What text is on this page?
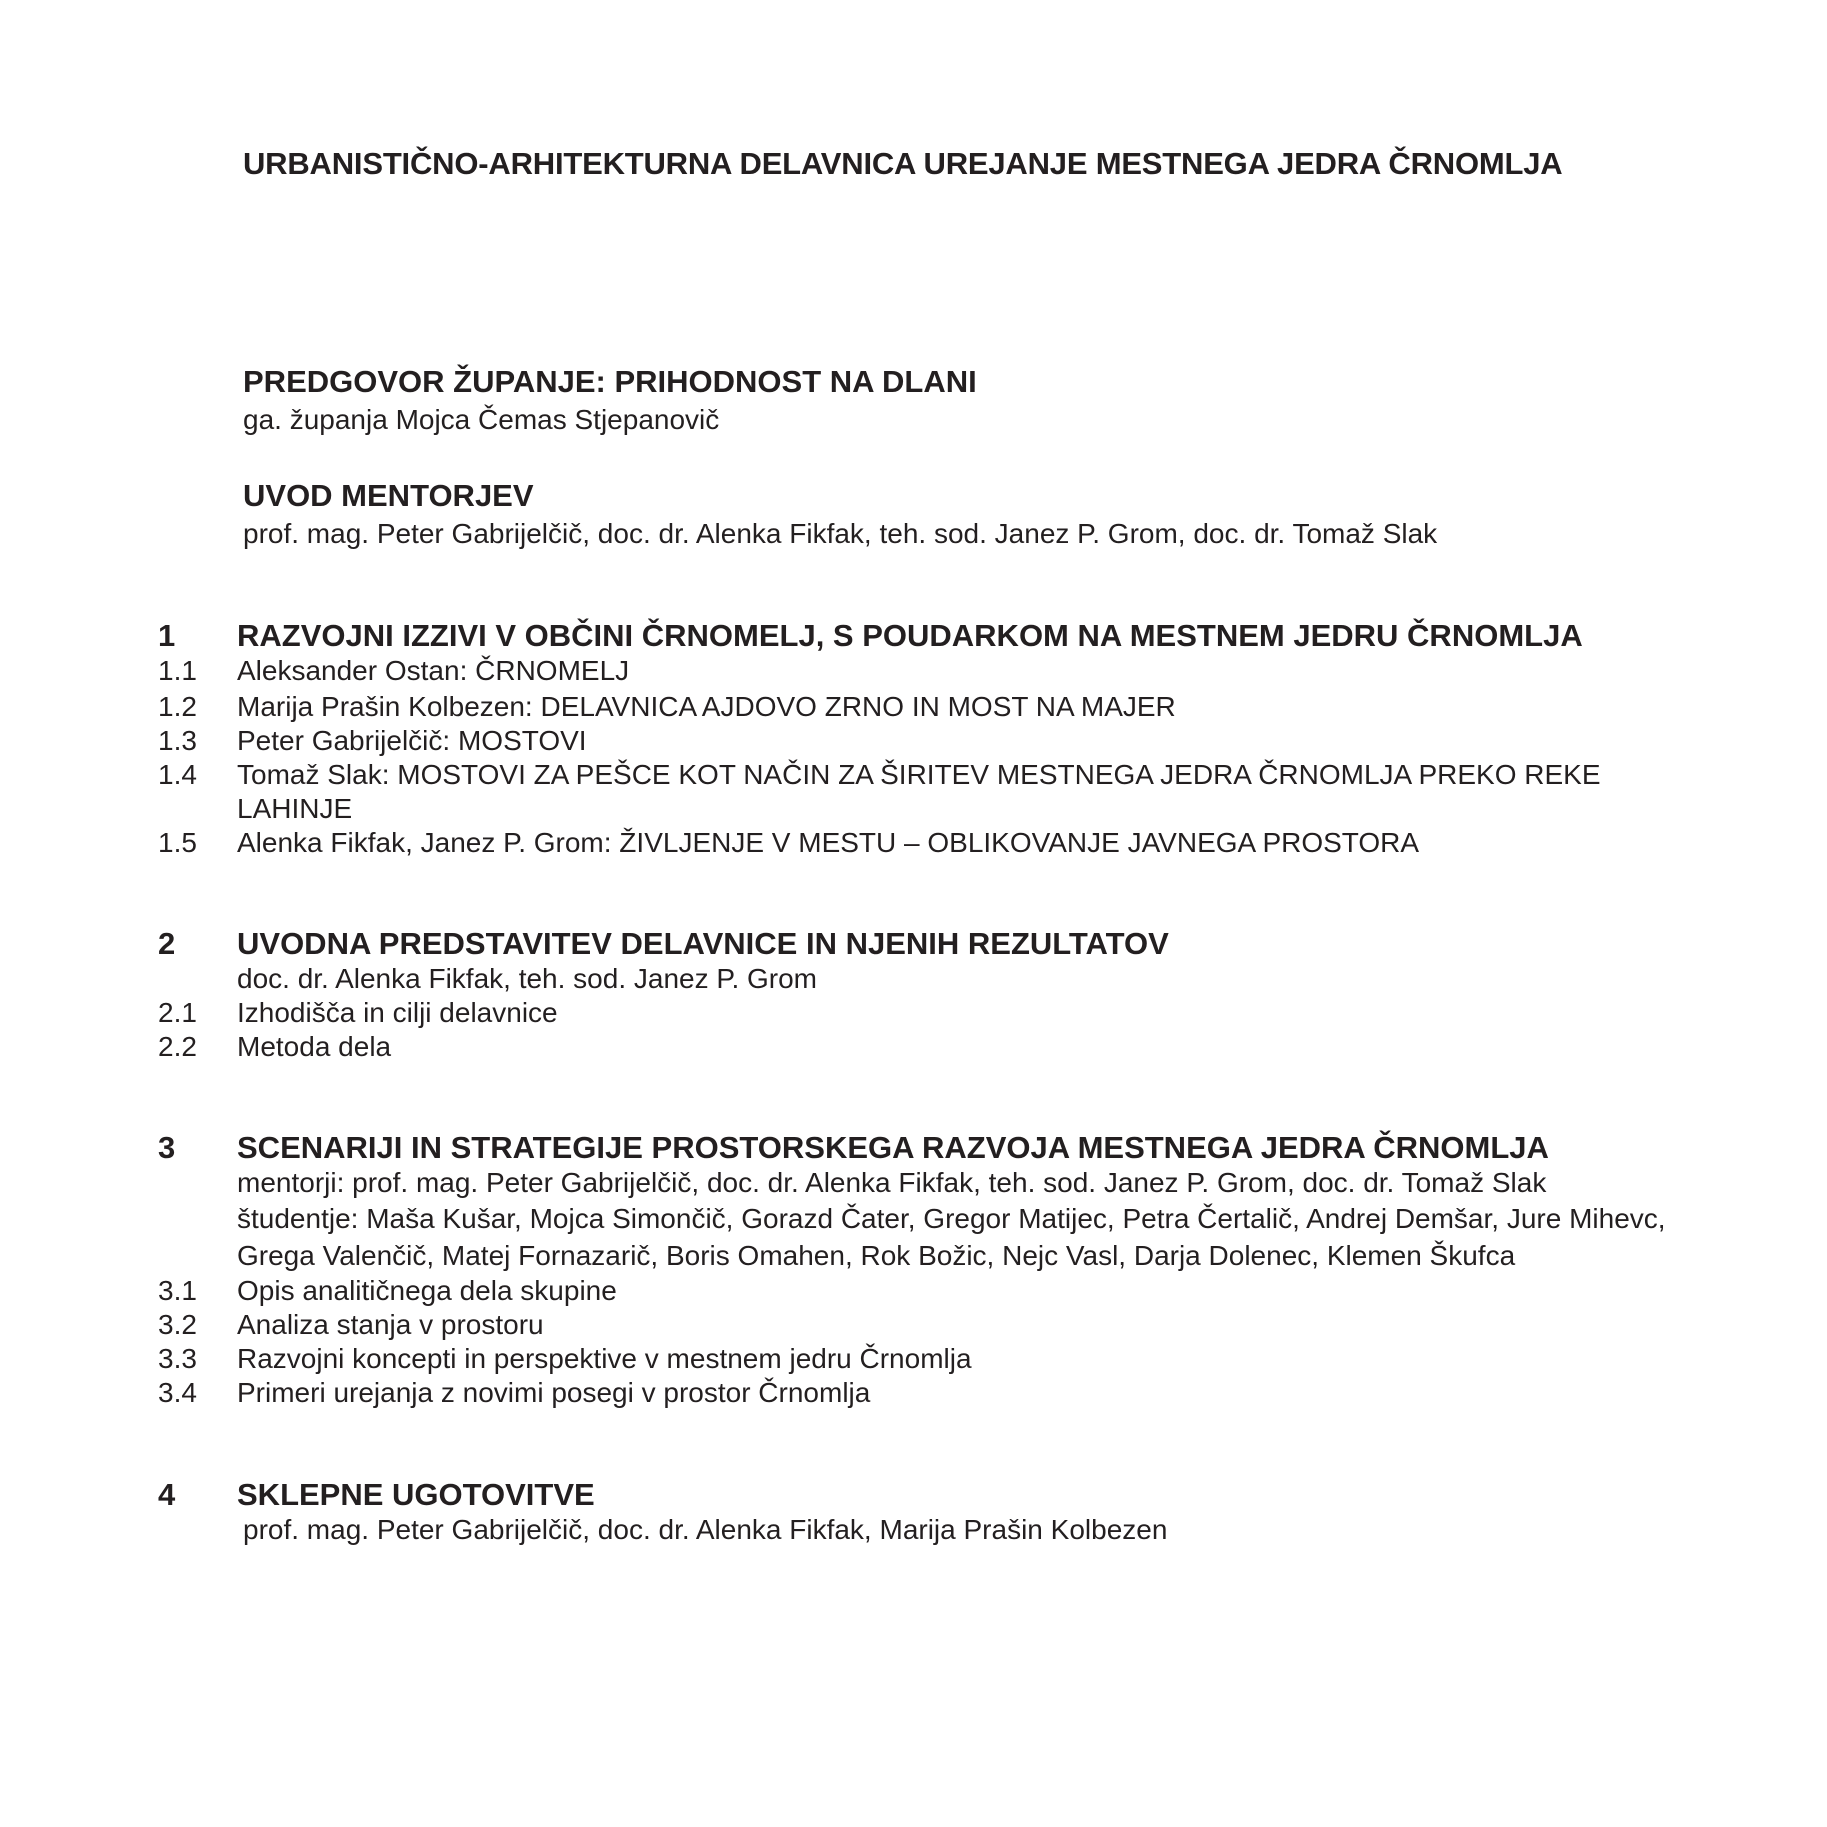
URBANISTIČNO-ARHITEKTURNA DELAVNICA UREJANJE MESTNEGA JEDRA ČRNOMLJA
PREDGOVOR ŽUPANJE: PRIHODNOST NA DLANI
ga. županja Mojca Čemas Stjepanovič
UVOD MENTORJEV
prof. mag. Peter Gabrijelčič, doc. dr. Alenka Fikfak, teh. sod. Janez P. Grom, doc. dr. Tomaž Slak
1 RAZVOJNI IZZIVI V OBČINI ČRNOMELJ, S POUDARKOM NA MESTNEM JEDRU ČRNOMLJA
1.1 Aleksander Ostan: ČRNOMELJ
1.2 Marija Prašin Kolbezen: DELAVNICA AJDOVO ZRNO IN MOST NA MAJER
1.3 Peter Gabrijelčič: MOSTOVI
1.4 Tomaž Slak: MOSTOVI ZA PEŠCE KOT NAČIN ZA ŠIRITEV MESTNEGA JEDRA ČRNOMLJA PREKO REKE LAHINJE
1.5 Alenka Fikfak, Janez P. Grom: ŽIVLJENJE V MESTU – OBLIKOVANJE JAVNEGA PROSTORA
2 UVODNA PREDSTAVITEV DELAVNICE IN NJENIH REZULTATOV
doc. dr. Alenka Fikfak, teh. sod. Janez P. Grom
2.1 Izhodišča in cilji delavnice
2.2 Metoda dela
3 SCENARIJI IN STRATEGIJE PROSTORSKEGA RAZVOJA MESTNEGA JEDRA ČRNOMLJA
mentorji: prof. mag. Peter Gabrijelčič, doc. dr. Alenka Fikfak, teh. sod. Janez P. Grom, doc. dr. Tomaž Slak
študentje: Maša Kušar, Mojca Simončič, Gorazd Čater, Gregor Matijec, Petra Čertalič, Andrej Demšar, Jure Mihevc, Grega Valenčič, Matej Fornazarič, Boris Omahen, Rok Božic, Nejc Vasl, Darja Dolenec, Klemen Škufca
3.1 Opis analitičnega dela skupine
3.2 Analiza stanja v prostoru
3.3 Razvojni koncepti in perspektive v mestnem jedru Črnomlja
3.4 Primeri urejanja z novimi posegi v prostor Črnomlja
4 SKLEPNE UGOTOVITVE
prof. mag. Peter Gabrijelčič, doc. dr. Alenka Fikfak, Marija Prašin Kolbezen
